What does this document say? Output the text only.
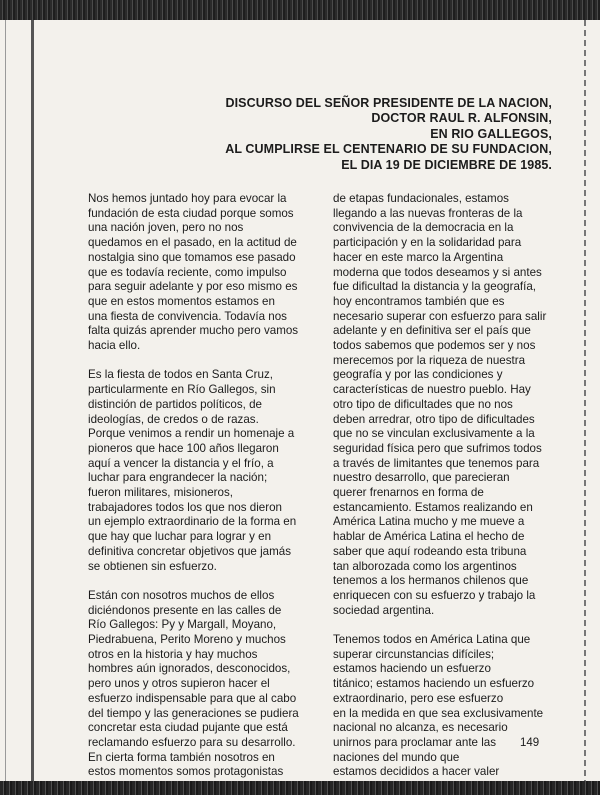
DISCURSO DEL SEÑOR PRESIDENTE DE LA NACION,
DOCTOR RAUL R. ALFONSIN,
EN RIO GALLEGOS,
AL CUMPLIRSE EL CENTENARIO DE SU FUNDACION,
EL DIA 19 DE DICIEMBRE DE 1985.
Nos hemos juntado hoy para evocar la
fundación de esta ciudad porque somos
una nación joven, pero no nos
quedamos en el pasado, en la actitud de
nostalgia sino que tomamos ese pasado
que es todavía reciente, como impulso
para seguir adelante y por eso mismo es
que en estos momentos estamos en
una fiesta de convivencia. Todavía nos
falta quizás aprender mucho pero vamos
hacia ello.
Es la fiesta de todos en Santa Cruz,
particularmente en Río Gallegos, sin
distinción de partidos políticos, de
ideologías, de credos o de razas.
Porque venimos a rendir un homenaje a
pioneros que hace 100 años llegaron
aquí a vencer la distancia y el frío, a
luchar para engrandecer la nación;
fueron militares, misioneros,
trabajadores todos los que nos dieron
un ejemplo extraordinario de la forma en
que hay que luchar para lograr y en
definitiva concretar objetivos que jamás
se obtienen sin esfuerzo.
Están con nosotros muchos de ellos
diciéndonos presente en las calles de
Río Gallegos: Py y Margall, Moyano,
Piedrabuena, Perito Moreno y muchos
otros en la historia y hay muchos
hombres aún ignorados, desconocidos,
pero unos y otros supieron hacer el
esfuerzo indispensable para que al cabo
del tiempo y las generaciones se pudiera
concretar esta ciudad pujante que está
reclamando esfuerzo para su desarrollo.
En cierta forma también nosotros en
estos momentos somos protagonistas
de etapas fundacionales, estamos
llegando a las nuevas fronteras de la
convivencia de la democracia en la
participación y en la solidaridad para
hacer en este marco la Argentina
moderna que todos deseamos y si antes
fue dificultad la distancia y la geografía,
hoy encontramos también que es
necesario superar con esfuerzo para salir
adelante y en definitiva ser el país que
todos sabemos que podemos ser y nos
merecemos por la riqueza de nuestra
geografía y por las condiciones y
características de nuestro pueblo. Hay
otro tipo de dificultades que no nos
deben arredrar, otro tipo de dificultades
que no se vinculan exclusivamente a la
seguridad física pero que sufrimos todos
a través de limitantes que tenemos para
nuestro desarrollo, que parecieran
querer frenarnos en forma de
estancamiento. Estamos realizando en
América Latina mucho y me mueve a
hablar de América Latina el hecho de
saber que aquí rodeando esta tribuna
tan alborozada como los argentinos
tenemos a los hermanos chilenos que
enriquecen con su esfuerzo y trabajo la
sociedad argentina.
Tenemos todos en América Latina que
superar circunstancias difíciles;
estamos haciendo un esfuerzo
titánico; estamos haciendo un esfuerzo
extraordinario, pero ese esfuerzo
en la medida en que sea exclusivamente
nacional no alcanza, es necesario
unirnos para proclamar ante las
naciones del mundo que
estamos decididos a hacer valer
149
